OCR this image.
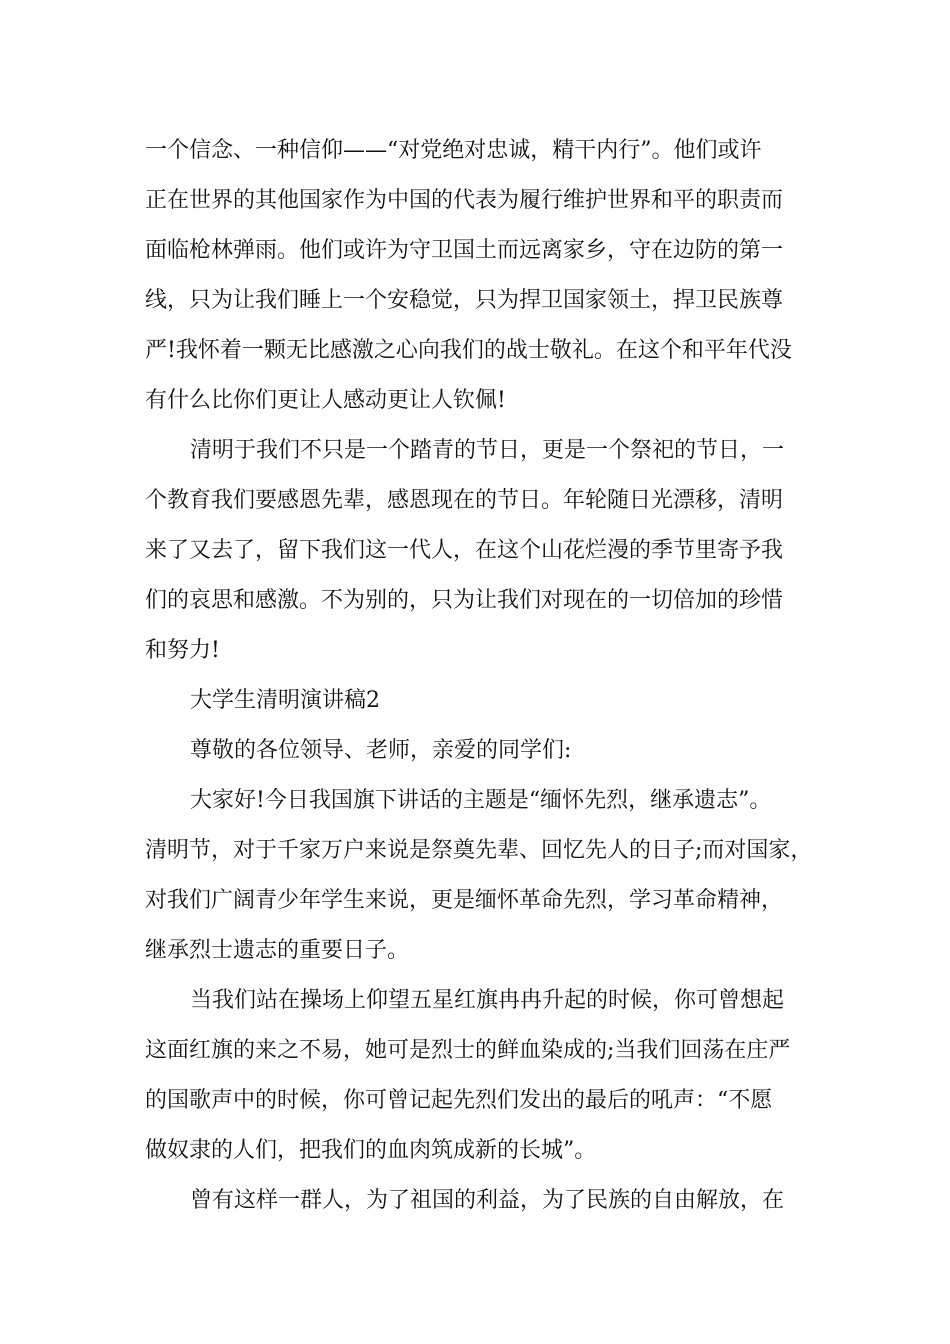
一个信念、一种信仰——“对党绝对忠诚，精干内行”。他们或许
正在世界的其他国家作为中国的代表为履行维护世界和平的职责而
面临枪林弹雨。他们或许为守卫国土而远离家乡，守在边防的第一
线，只为让我们睡上一个安稳觉，只为捍卫国家领土，捍卫民族尊
严!我怀着一颗无比感激之心向我们的战士敬礼。在这个和平年代没
有什么比你们更让人感动更让人钦佩!
清明于我们不只是一个踏青的节日，更是一个祭祀的节日，一
个教育我们要感恩先辈，感恩现在的节日。年轮随日光漂移，清明
来了又去了，留下我们这一代人，在这个山花烂漫的季节里寄予我
们的哀思和感激。不为别的，只为让我们对现在的一切倍加的珍惜
和努力!
大学生清明演讲稿2
尊敬的各位领导、老师，亲爱的同学们:
大家好!今日我国旗下讲话的主题是“缅怀先烈，继承遗志”。
清明节，对于千家万户来说是祭奠先辈、回忆先人的日子;而对国家，
对我们广阔青少年学生来说，更是缅怀革命先烈，学习革命精神，
继承烈士遗志的重要日子。
当我们站在操场上仰望五星红旗冉冉升起的时候，你可曾想起
这面红旗的来之不易，她可是烈士的鲜血染成的;当我们回荡在庄严
的国歌声中的时候，你可曾记起先烈们发出的最后的吼声：“不愿
做奴隶的人们，把我们的血肉筑成新的长城”。
曾有这样一群人，为了祖国的利益，为了民族的自由解放，在
